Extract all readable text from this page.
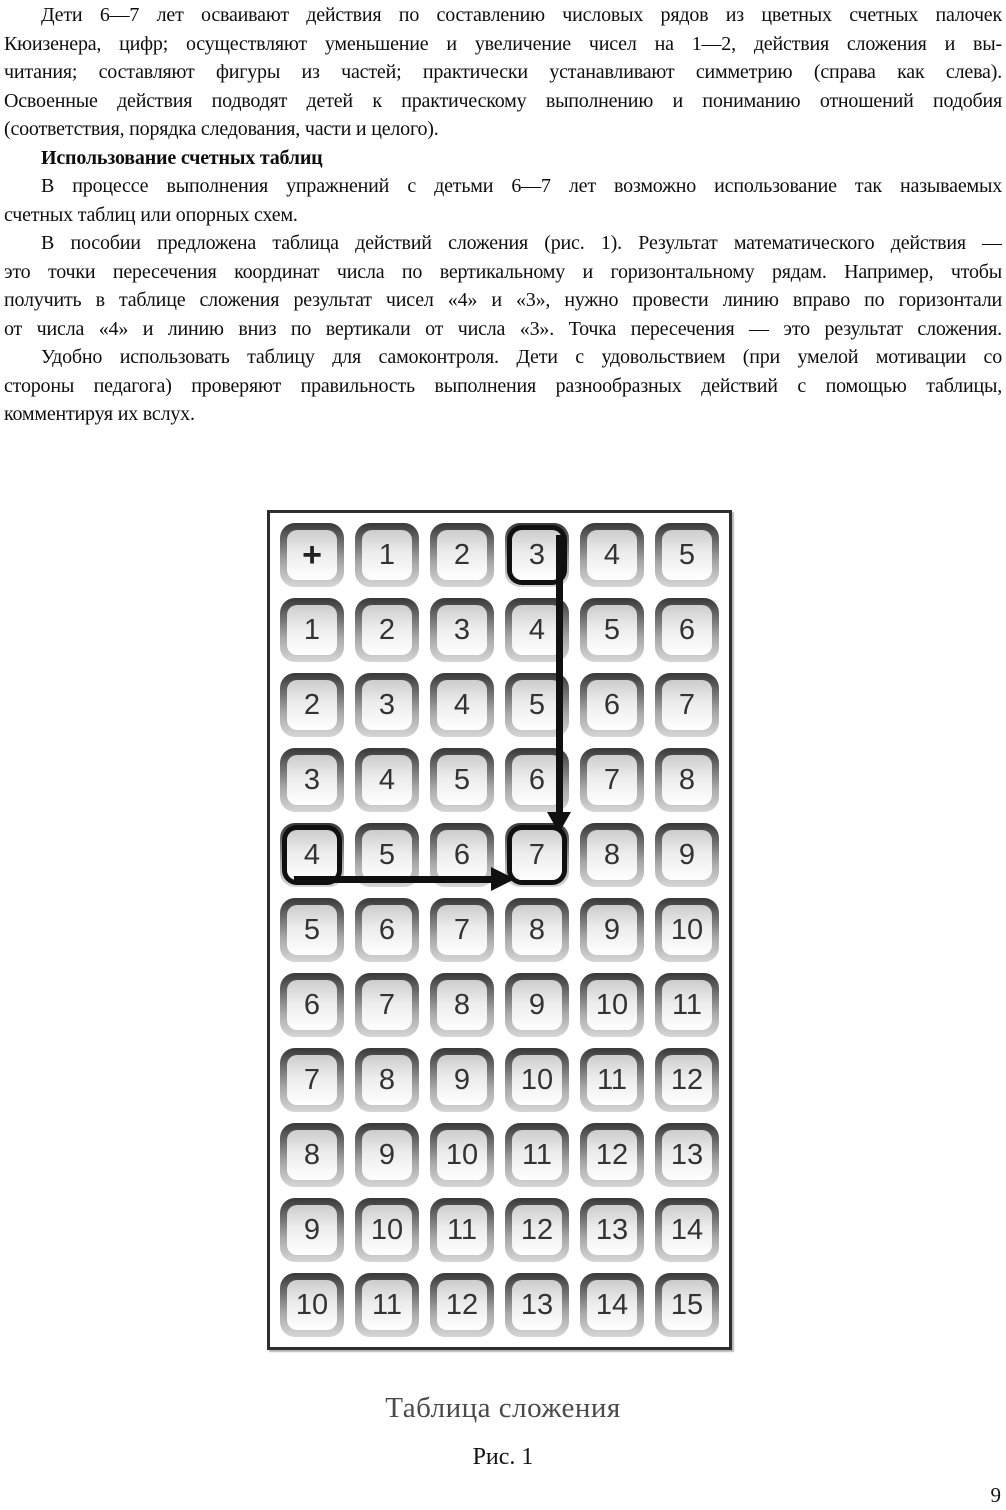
Дети 6—7 лет осваивают действия по составлению числовых рядов из цветных счетных палочек
Кюизенера, цифр; осуществляют уменьшение и увеличение чисел на 1—2, действия сложения и вы-
читания; составляют фигуры из частей; практически устанавливают симметрию (справа как слева).
Освоенные действия подводят детей к практическому выполнению и пониманию отношений подобия
(соответствия, порядка следования, части и целого).
Использование счетных таблиц
В процессе выполнения упражнений с детьми 6—7 лет возможно использование так называемых
счетных таблиц или опорных схем.
В пособии предложена таблица действий сложения (рис. 1). Результат математического действия —
это точки пересечения координат числа по вертикальному и горизонтальному рядам. Например, чтобы
получить в таблице сложения результат чисел «4» и «3», нужно провести линию вправо по горизонтали
от числа «4» и линию вниз по вертикали от числа «3». Точка пересечения — это результат сложения.
Удобно использовать таблицу для самоконтроля. Дети с удовольствием (при умелой мотивации со
стороны педагога) проверяют правильность выполнения разнообразных действий с помощью таблицы,
комментируя их вслух.
+	1	2	3	4	5
1	2	3	4	5	6
2	3	4	5	6	7
3	4	5	6	7	8
4	5	6	7	8	9
5	6	7	8	9	10
6	7	8	9	10	11
7	8	9	10	11	12
8	9	10	11	12	13
9	10	11	12	13	14
10	11	12	13	14	15
Таблица сложения
Рис. 1
9
